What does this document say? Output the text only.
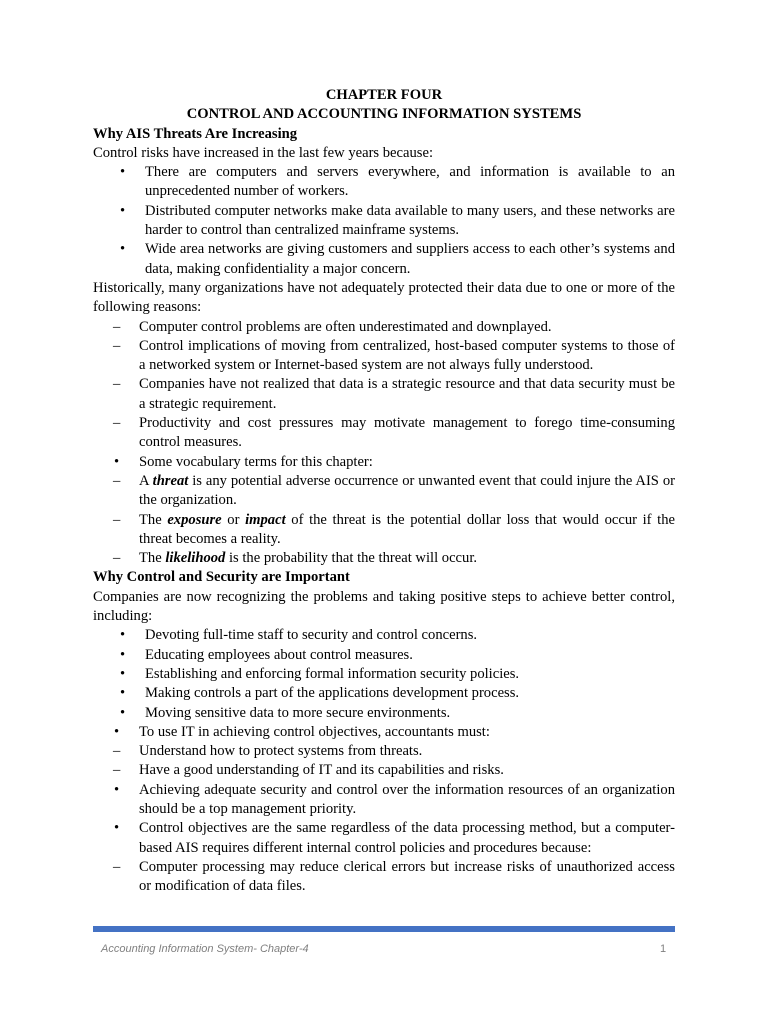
CHAPTER FOUR
CONTROL AND ACCOUNTING INFORMATION SYSTEMS
Why AIS Threats Are Increasing
Control risks have increased in the last few years because:
• There are computers and servers everywhere, and information is available to an unprecedented number of workers.
• Distributed computer networks make data available to many users, and these networks are harder to control than centralized mainframe systems.
• Wide area networks are giving customers and suppliers access to each other’s systems and data, making confidentiality a major concern.
Historically, many organizations have not adequately protected their data due to one or more of the following reasons:
– Computer control problems are often underestimated and downplayed.
– Control implications of moving from centralized, host-based computer systems to those of a networked system or Internet-based system are not always fully understood.
– Companies have not realized that data is a strategic resource and that data security must be a strategic requirement.
– Productivity and cost pressures may motivate management to forego time-consuming control measures.
• Some vocabulary terms for this chapter:
– A threat is any potential adverse occurrence or unwanted event that could injure the AIS or the organization.
– The exposure or impact of the threat is the potential dollar loss that would occur if the threat becomes a reality.
– The likelihood is the probability that the threat will occur.
Why Control and Security are Important
Companies are now recognizing the problems and taking positive steps to achieve better control, including:
• Devoting full-time staff to security and control concerns.
• Educating employees about control measures.
• Establishing and enforcing formal information security policies.
• Making controls a part of the applications development process.
• Moving sensitive data to more secure environments.
• To use IT in achieving control objectives, accountants must:
– Understand how to protect systems from threats.
– Have a good understanding of IT and its capabilities and risks.
• Achieving adequate security and control over the information resources of an organization should be a top management priority.
• Control objectives are the same regardless of the data processing method, but a computer-based AIS requires different internal control policies and procedures because:
– Computer processing may reduce clerical errors but increase risks of unauthorized access or modification of data files.
Accounting Information System- Chapter-4	1
